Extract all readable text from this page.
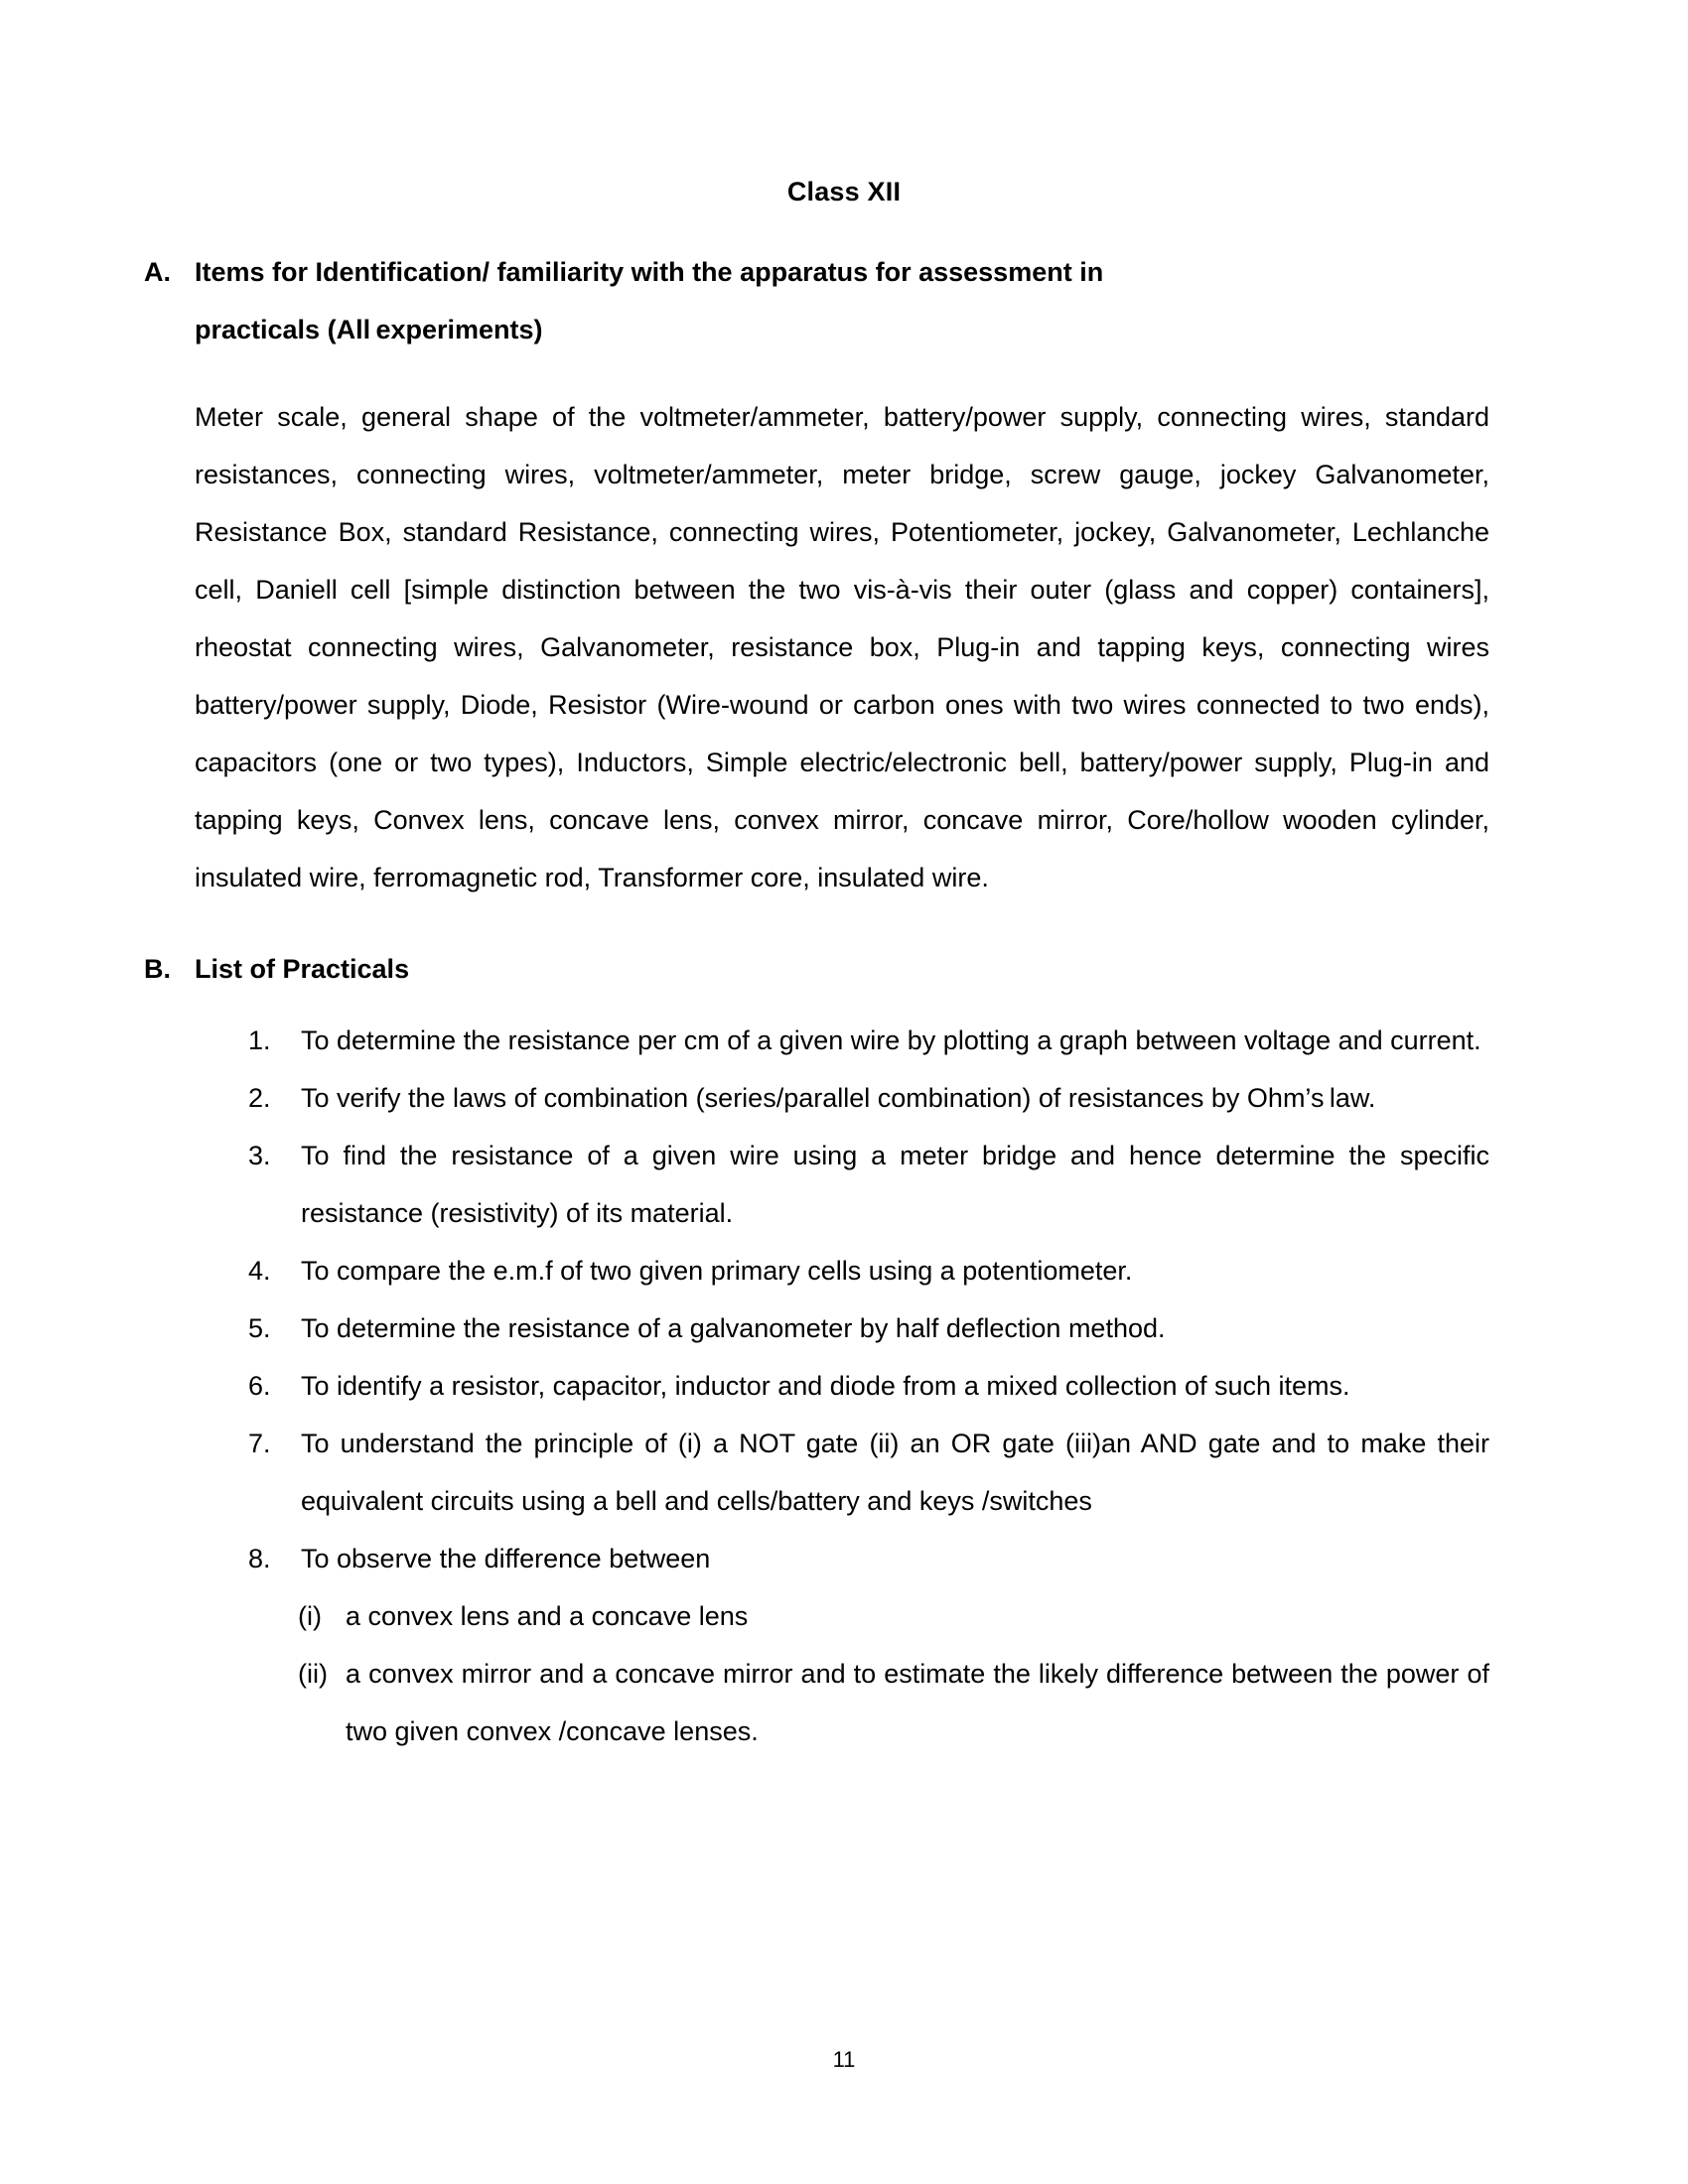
Class XII
A. Items for Identification/ familiarity with the apparatus for assessment in
practicals (All experiments)

Meter scale, general shape of the voltmeter/ammeter, battery/power supply, connecting wires, standard resistances, connecting wires, voltmeter/ammeter, meter bridge, screw gauge, jockey Galvanometer, Resistance Box, standard Resistance, connecting wires, Potentiometer, jockey, Galvanometer, Lechlanche cell, Daniell cell [simple distinction between the two vis-à-vis their outer (glass and copper) containers], rheostat connecting wires, Galvanometer, resistance box, Plug-in and tapping keys, connecting wires battery/power supply, Diode, Resistor (Wire-wound or carbon ones with two wires connected to two ends), capacitors (one or two types), Inductors, Simple electric/electronic bell, battery/power supply, Plug-in and tapping keys, Convex lens, concave lens, convex mirror, concave mirror, Core/hollow wooden cylinder, insulated wire, ferromagnetic rod, Transformer core, insulated wire.

B. List of Practicals
1.	To determine the resistance per cm of a given wire by plotting a graph between voltage and current.
2.	To verify the laws of combination (series/parallel combination) of resistances by Ohm’s law.
3.	To find the resistance of a given wire using a meter bridge and hence determine the specific resistance (resistivity) of its material.
4.	To compare the e.m.f of two given primary cells using a potentiometer.
5.	To determine the resistance of a galvanometer by half deflection method.
6.	To identify a resistor, capacitor, inductor and diode from a mixed collection of such items.
7.	To understand the principle of (i) a NOT gate (ii) an OR gate (iii)an AND gate and to make their equivalent circuits using a bell and cells/battery and keys /switches
8.	To observe the difference between
(i) a convex lens and a concave lens
(ii) a convex mirror and a concave mirror and to estimate the likely difference between the power of two given convex /concave lenses.
11
